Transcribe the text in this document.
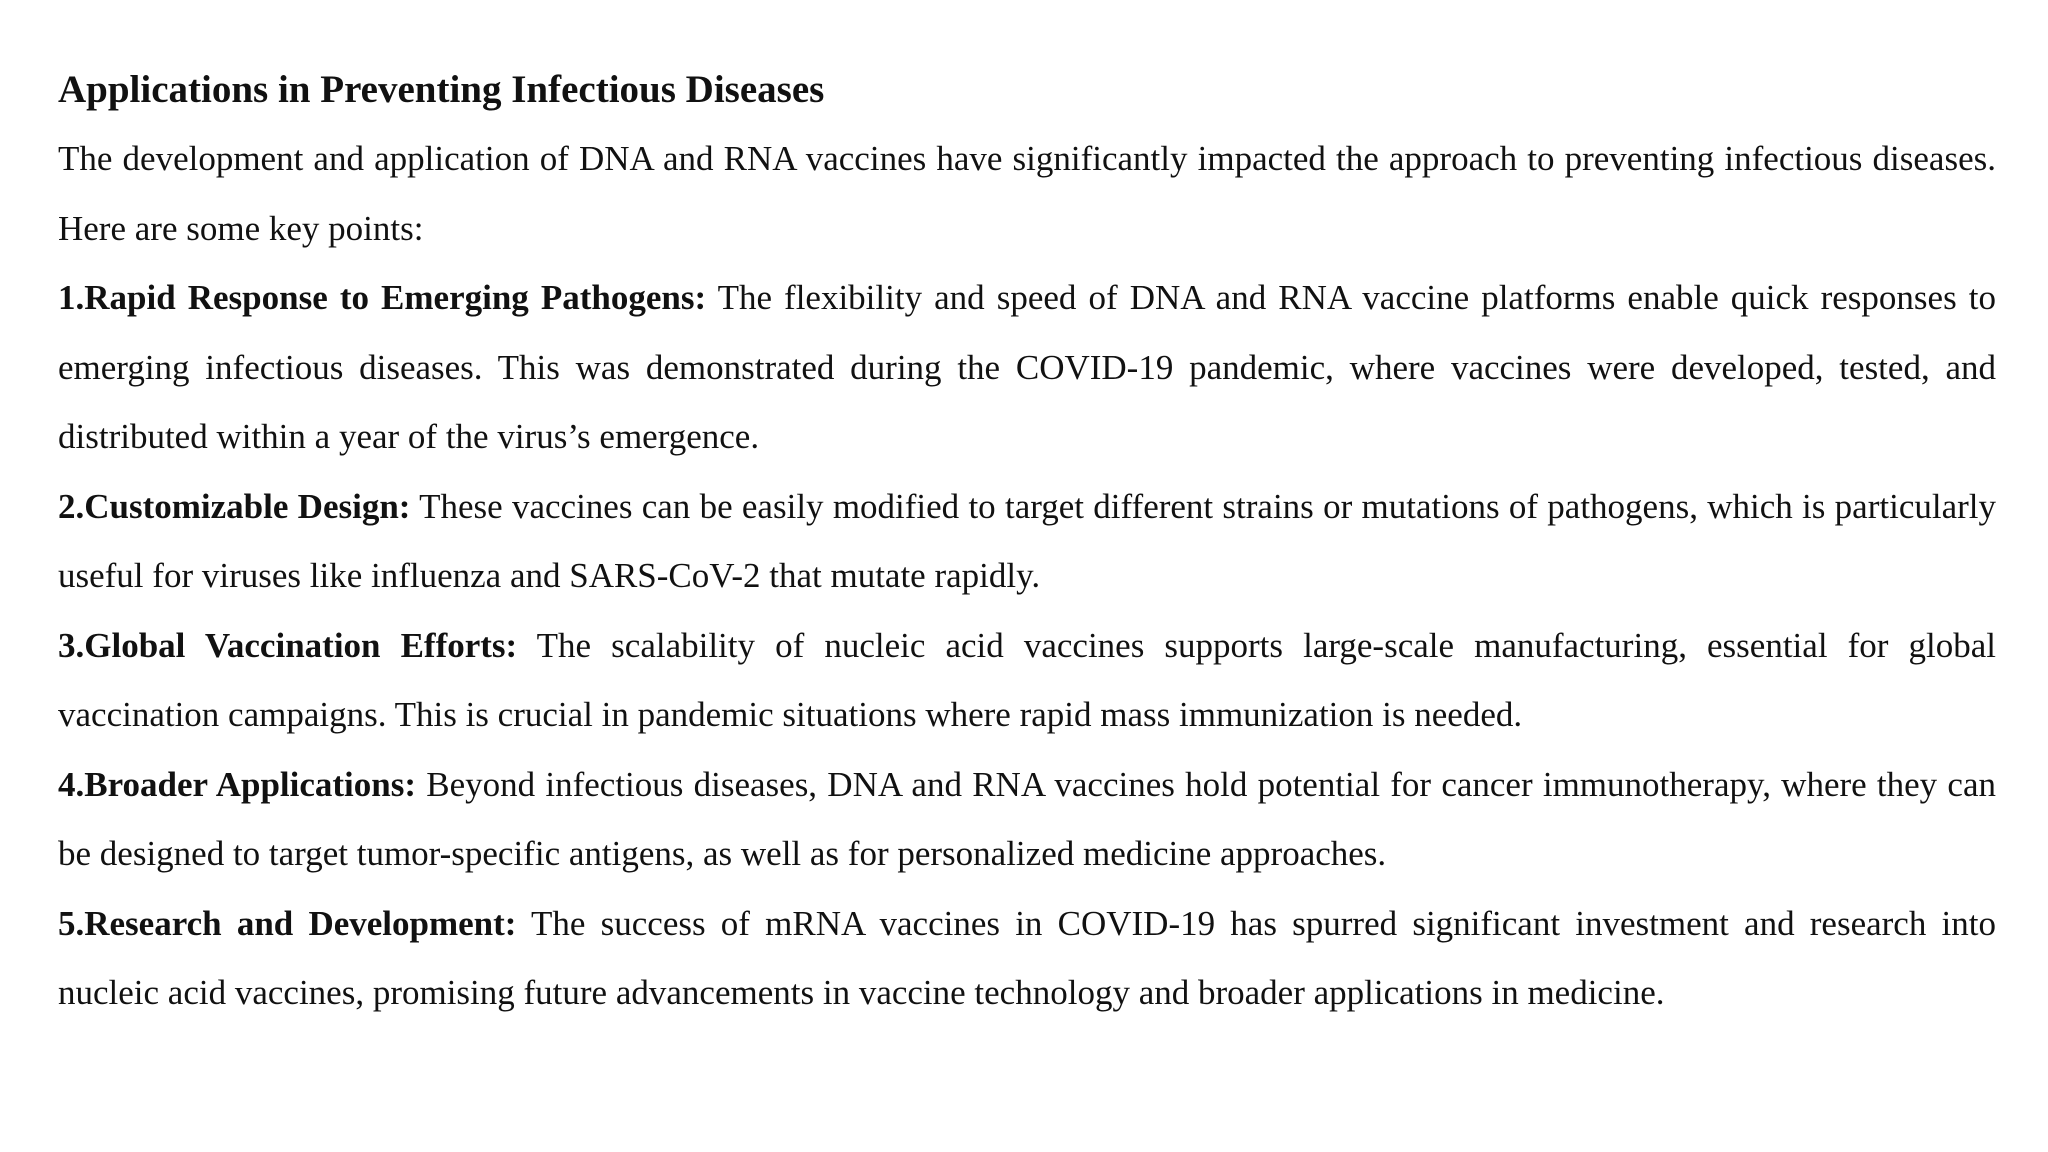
Applications in Preventing Infectious Diseases

The development and application of DNA and RNA vaccines have significantly impacted the approach to preventing infectious diseases. Here are some key points:

1.Rapid Response to Emerging Pathogens: The flexibility and speed of DNA and RNA vaccine platforms enable quick responses to emerging infectious diseases. This was demonstrated during the COVID-19 pandemic, where vaccines were developed, tested, and distributed within a year of the virus’s emergence.

2.Customizable Design: These vaccines can be easily modified to target different strains or mutations of pathogens, which is particularly useful for viruses like influenza and SARS-CoV-2 that mutate rapidly.

3.Global Vaccination Efforts: The scalability of nucleic acid vaccines supports large-scale manufacturing, essential for global vaccination campaigns. This is crucial in pandemic situations where rapid mass immunization is needed.

4.Broader Applications: Beyond infectious diseases, DNA and RNA vaccines hold potential for cancer immunotherapy, where they can be designed to target tumor-specific antigens, as well as for personalized medicine approaches.

5.Research and Development: The success of mRNA vaccines in COVID-19 has spurred significant investment and research into nucleic acid vaccines, promising future advancements in vaccine technology and broader applications in medicine.
